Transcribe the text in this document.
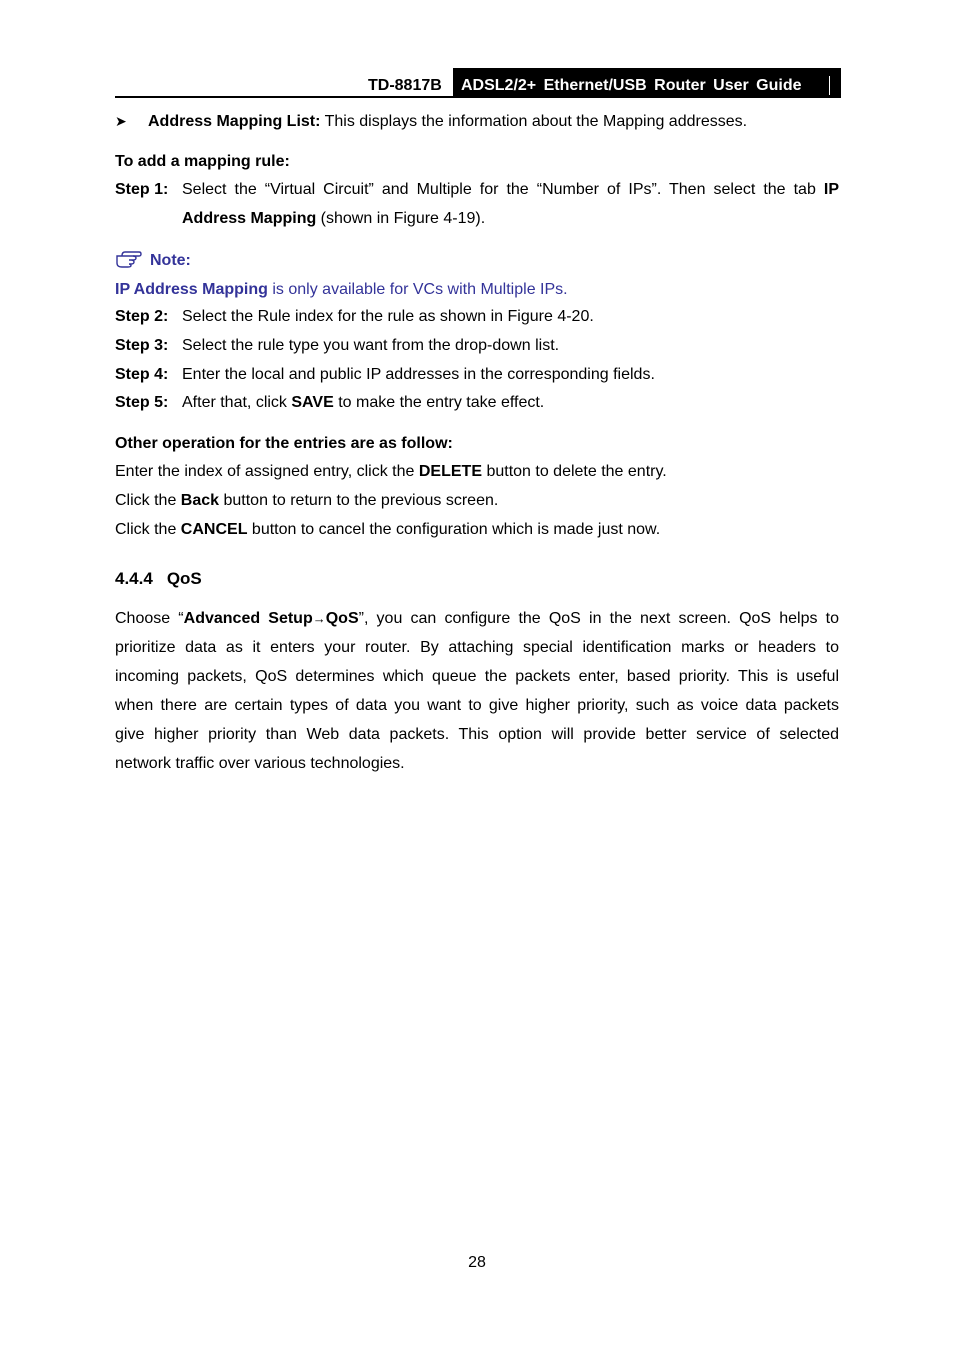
TD-8817B ADSL2/2+ Ethernet/USB Router User Guide
➤ Address Mapping List: This displays the information about the Mapping addresses.
To add a mapping rule:
Step 1: Select the “Virtual Circuit” and Multiple for the “Number of IPs”. Then select the tab IP
Address Mapping (shown in Figure 4-19).
Note:
IP Address Mapping is only available for VCs with Multiple IPs.
Step 2: Select the Rule index for the rule as shown in Figure 4-20.
Step 3: Select the rule type you want from the drop-down list.
Step 4: Enter the local and public IP addresses in the corresponding fields.
Step 5: After that, click SAVE to make the entry take effect.
Other operation for the entries are as follow:
Enter the index of assigned entry, click the DELETE button to delete the entry.
Click the Back button to return to the previous screen.
Click the CANCEL button to cancel the configuration which is made just now.
4.4.4 QoS
Choose “Advanced Setup→QoS”, you can configure the QoS in the next screen. QoS helps to
prioritize data as it enters your router. By attaching special identification marks or headers to
incoming packets, QoS determines which queue the packets enter, based priority. This is useful
when there are certain types of data you want to give higher priority, such as voice data packets
give higher priority than Web data packets. This option will provide better service of selected
network traffic over various technologies.
28
